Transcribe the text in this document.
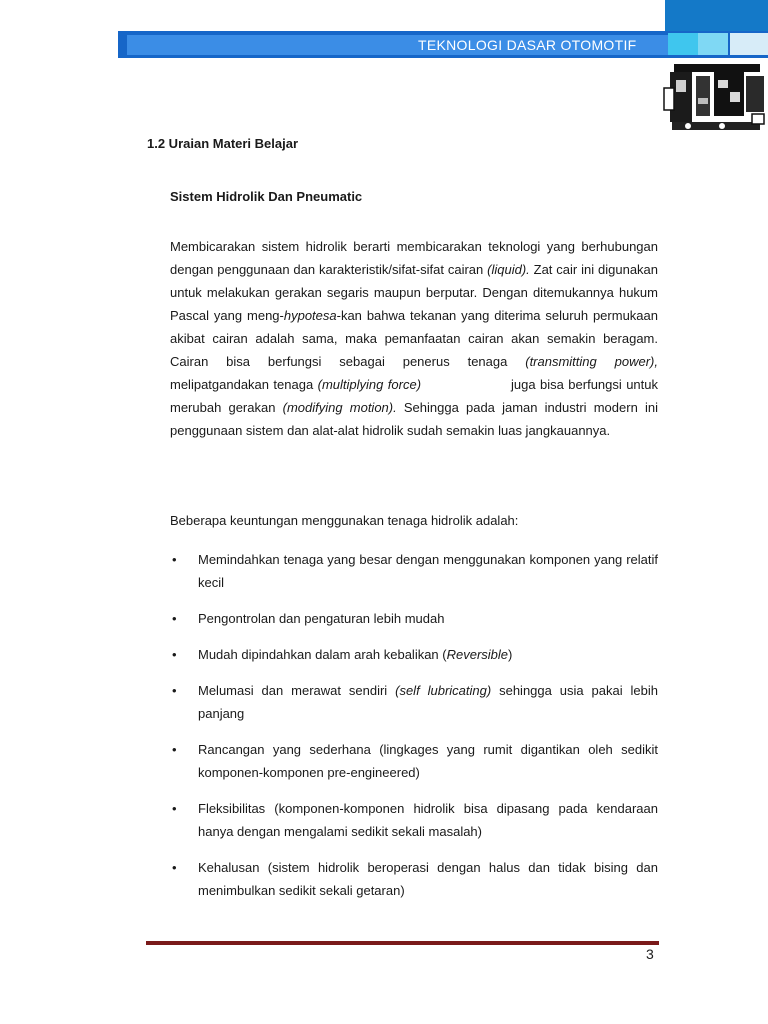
TEKNOLOGI DASAR OTOMOTIF
1.2 Uraian Materi Belajar
Sistem Hidrolik Dan Pneumatic

Membicarakan sistem hidrolik berarti membicarakan teknologi yang berhubungan dengan penggunaan dan karakteristik/sifat-sifat cairan (liquid). Zat cair ini digunakan untuk melakukan gerakan segaris maupun berputar. Dengan ditemukannya hukum Pascal yang meng-hypotesa-kan bahwa tekanan yang diterima seluruh permukaan akibat cairan adalah sama, maka pemanfaatan cairan akan semakin beragam. Cairan bisa berfungsi sebagai penerus tenaga (transmitting power), melipatgandakan tenaga (multiplying force)	juga bisa berfungsi untuk merubah gerakan (modifying motion). Sehingga pada jaman industri modern ini penggunaan sistem dan alat-alat hidrolik sudah semakin luas jangkauannya.

Beberapa keuntungan menggunakan tenaga hidrolik adalah:
• Memindahkan tenaga yang besar dengan menggunakan komponen yang relatif kecil
• Pengontrolan dan pengaturan lebih mudah
• Mudah dipindahkan dalam arah kebalikan (Reversible)
• Melumasi dan merawat sendiri (self lubricating) sehingga usia pakai lebih panjang
• Rancangan yang sederhana (lingkages yang rumit digantikan oleh sedikit komponen-komponen pre-engineered)
• Fleksibilitas (komponen-komponen hidrolik bisa dipasang pada kendaraan hanya dengan mengalami sedikit sekali masalah)
• Kehalusan (sistem hidrolik beroperasi dengan halus dan tidak bising dan menimbulkan sedikit sekali getaran)
3
